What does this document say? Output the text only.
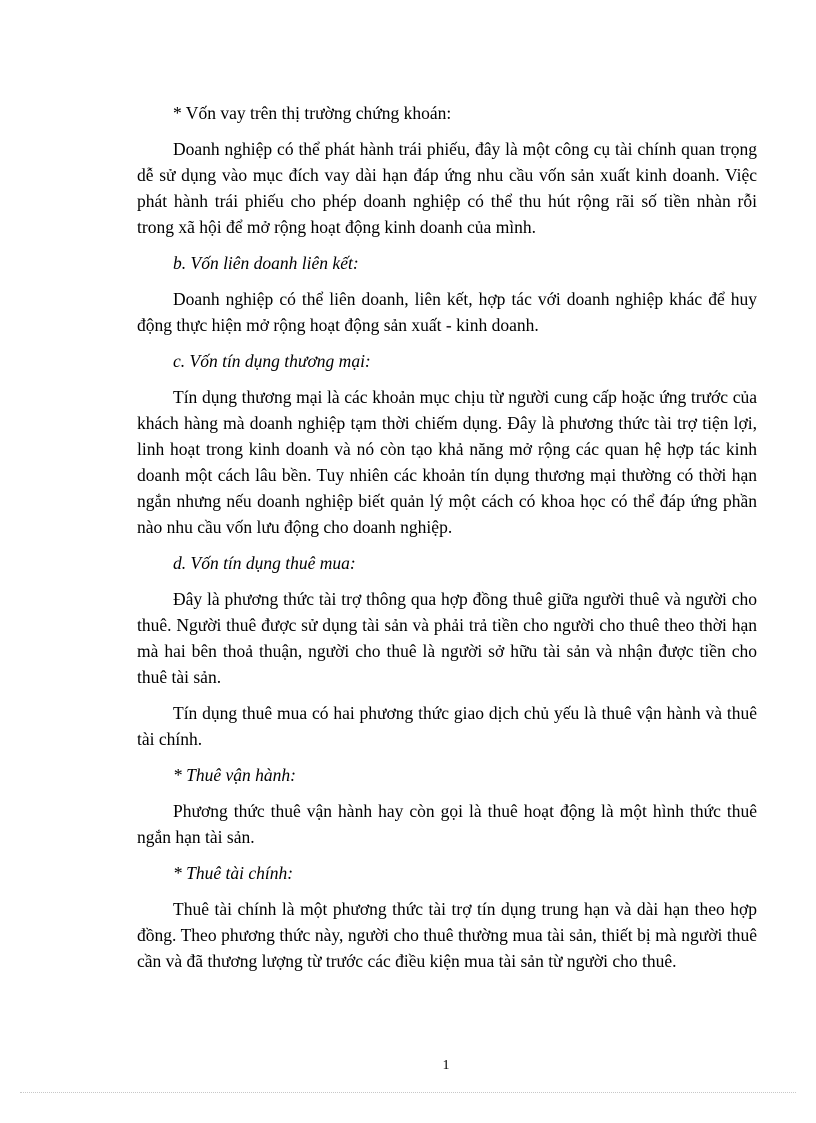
* Vốn vay trên thị trường chứng khoán:

Doanh nghiệp có thể phát hành trái phiếu, đây là một công cụ tài chính quan trọng dễ sử dụng vào mục đích vay dài hạn đáp ứng nhu cầu vốn sản xuất kinh doanh. Việc phát hành trái phiếu cho phép doanh nghiệp có thể thu hút rộng rãi số tiền nhàn rỗi trong xã hội để mở rộng hoạt động kinh doanh của mình.

b. Vốn liên doanh liên kết:

Doanh nghiệp có thể liên doanh, liên kết, hợp tác với doanh nghiệp khác để huy động thực hiện mở rộng hoạt động sản xuất - kinh doanh.

c. Vốn tín dụng thương mại:

Tín dụng thương mại là các khoản mục chịu từ người cung cấp hoặc ứng trước của khách hàng mà doanh nghiệp tạm thời chiếm dụng. Đây là phương thức tài trợ tiện lợi, linh hoạt trong kinh doanh và nó còn tạo khả năng mở rộng các quan hệ hợp tác kinh doanh một cách lâu bền. Tuy nhiên các khoản tín dụng thương mại thường có thời hạn ngắn nhưng nếu doanh nghiệp biết quản lý một cách có khoa học có thể đáp ứng phần nào nhu cầu vốn lưu động cho doanh nghiệp.

d. Vốn tín dụng thuê mua:

Đây là phương thức tài trợ thông qua hợp đồng thuê giữa người thuê và người cho thuê. Người thuê được sử dụng tài sản và phải trả tiền cho người cho thuê theo thời hạn mà hai bên thoả thuận, người cho thuê là người sở hữu tài sản và nhận được tiền cho thuê tài sản.

Tín dụng thuê mua có hai phương thức giao dịch chủ yếu là thuê vận hành và thuê tài chính.

* Thuê vận hành:

Phương thức thuê vận hành hay còn gọi là thuê hoạt động là một hình thức thuê ngắn hạn tài sản.

* Thuê tài chính:

Thuê tài chính là một phương thức tài trợ tín dụng trung hạn và dài hạn theo hợp đồng. Theo phương thức này, người cho thuê thường mua tài sản, thiết bị mà người thuê cần và đã thương lượng từ trước các điều kiện mua tài sản từ người cho thuê.

1
